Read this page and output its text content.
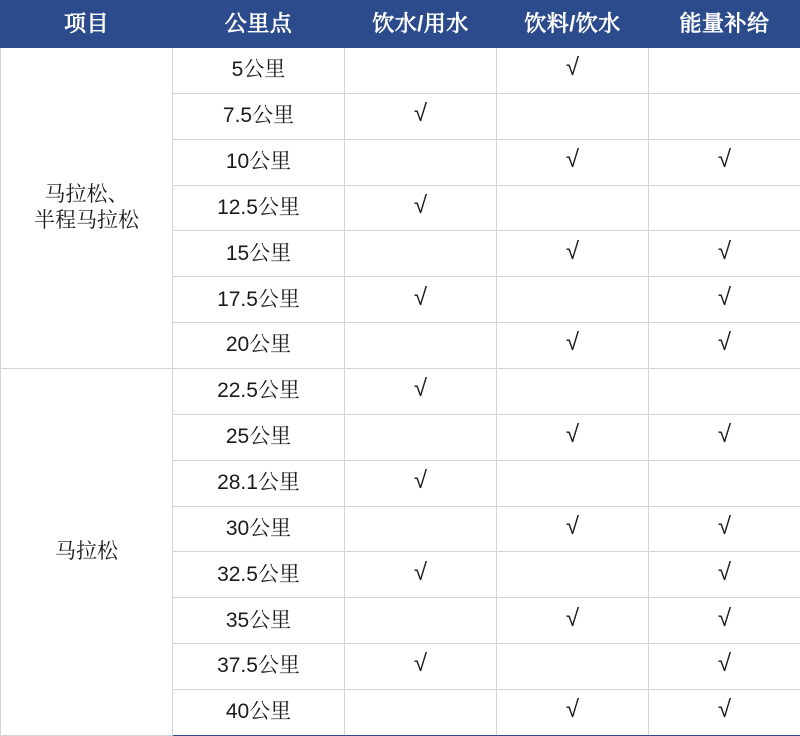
项目	公里点	饮水/用水	饮料/饮水	能量补给

马拉松、
半程马拉松	5公里		√	
	7.5公里	√		
	10公里		√	√
	12.5公里	√		
	15公里		√	√
	17.5公里	√		√
	20公里		√	√

马拉松	22.5公里	√		
	25公里		√	√
	28.1公里	√		
	30公里		√	√
	32.5公里	√		√
	35公里		√	√
	37.5公里	√		√
	40公里		√	√
